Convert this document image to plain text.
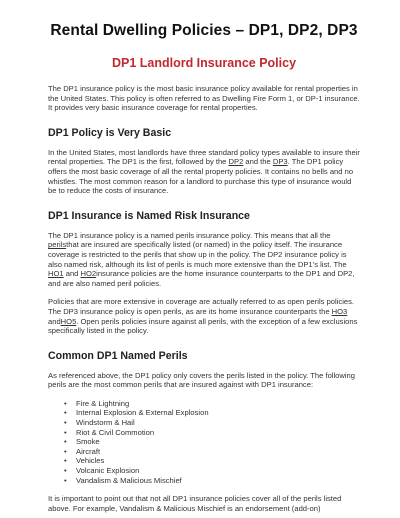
Rental Dwelling Policies – DP1, DP2, DP3
DP1 Landlord Insurance Policy

The DP1 insurance policy is the most basic insurance policy available for rental properties in the United States. This policy is often referred to as Dwelling Fire Form 1, or DP-1 insurance. It provides very basic insurance coverage for rental properties.

DP1 Policy is Very Basic

In the United States, most landlords have three standard policy types available to insure their rental properties. The DP1 is the first, followed by the DP2 and the DP3. The DP1 policy offers the most basic coverage of all the rental property policies. It contains no bells and no whistles. The most common reason for a landlord to purchase this type of insurance would be to reduce the costs of insurance.

DP1 Insurance is Named Risk Insurance

The DP1 insurance policy is a named perils insurance policy. This means that all the perilsthat are insured are specifically listed (or named) in the policy itself. The insurance coverage is restricted to the perils that show up in the policy. The DP2 insurance policy is also named risk, although its list of perils is much more extensive than the DP1’s list. The HO1 and HO2insurance policies are the home insurance counterparts to the DP1 and DP2, and are also named peril policies.

Policies that are more extensive in coverage are actually referred to as open perils policies. The DP3 insurance policy is open perils, as are its home insurance counterparts the HO3 andHO5. Open perils policies insure against all perils, with the exception of a few exclusions specifically listed in the policy.

Common DP1 Named Perils

As referenced above, the DP1 policy only covers the perils listed in the policy. The following perils are the most common perils that are insured against with DP1 insurance:

• Fire & Lightning
• Internal Explosion & External Explosion
• Windstorm & Hail
• Riot & Civil Commotion
• Smoke
• Aircraft
• Vehicles
• Volcanic Explosion
• Vandalism & Malicious Mischief

It is important to point out that not all DP1 insurance policies cover all of the perils listed above. For example, Vandalism & Malicious Mischief is an endorsement (add-on)
